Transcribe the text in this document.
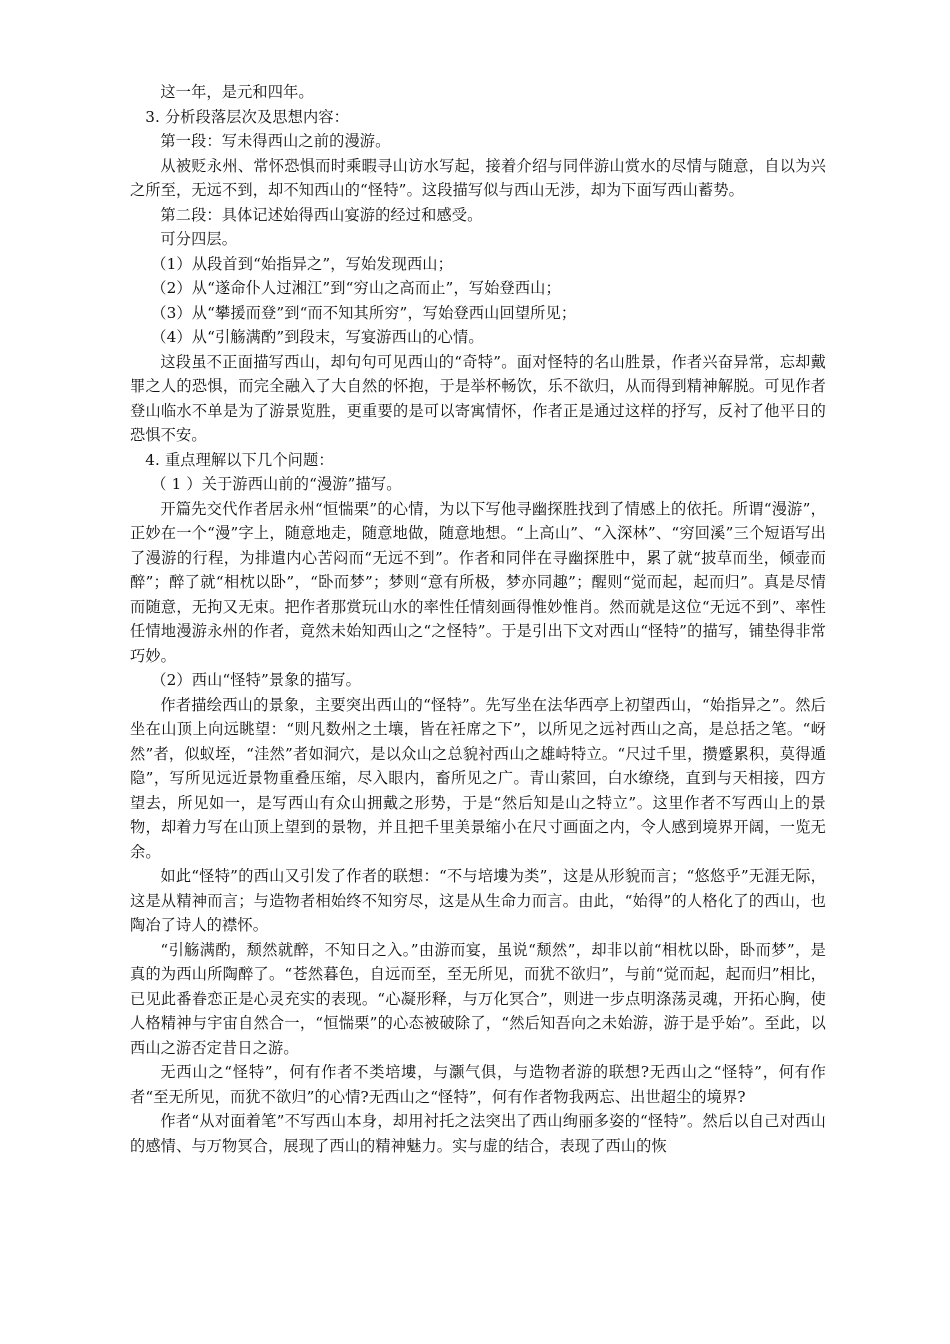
这一年，是元和四年。

3. 分析段落层次及思想内容：

第一段：写未得西山之前的漫游。

从被贬永州、常怀恐惧而时乘暇寻山访水写起，接着介绍与同伴游山赏水的尽情与随意，自以为兴之所至，无远不到，却不知西山的“怪特”。这段描写似与西山无涉，却为下面写西山蓄势。

第二段：具体记述始得西山宴游的经过和感受。

可分四层。

（1）从段首到“始指异之”，写始发现西山；

（2）从“遂命仆人过湘江”到“穷山之高而止”，写始登西山；

（3）从“攀援而登”到“而不知其所穷”，写始登西山回望所见；

（4）从“引觞满酌”到段末，写宴游西山的心情。

这段虽不正面描写西山，却句句可见西山的“奇特”。面对怪特的名山胜景，作者兴奋异常，忘却戴罪之人的恐惧，而完全融入了大自然的怀抱，于是举杯畅饮，乐不欲归，从而得到精神解脱。可见作者登山临水不单是为了游景览胜，更重要的是可以寄寓情怀，作者正是通过这样的抒写，反衬了他平日的恐惧不安。

4. 重点理解以下几个问题：

（ 1 ）关于游西山前的“漫游”描写。

开篇先交代作者居永州“恒惴栗”的心情，为以下写他寻幽探胜找到了情感上的依托。所谓“漫游”，正妙在一个“漫”字上，随意地走，随意地做，随意地想。“上高山”、“入深林”、“穷回溪”三个短语写出了漫游的行程，为排遣内心苦闷而“无远不到”。作者和同伴在寻幽探胜中，累了就“披草而坐，倾壶而醉”；醉了就“相枕以卧”，“卧而梦”；梦则“意有所极，梦亦同趣”；醒则“觉而起，起而归”。真是尽情而随意，无拘又无束。把作者那赏玩山水的率性任情刻画得惟妙惟肖。然而就是这位“无远不到”、率性任情地漫游永州的作者，竟然未始知西山之“之怪特”。于是引出下文对西山“怪特”的描写，铺垫得非常巧妙。

（2）西山“怪特”景象的描写。

作者描绘西山的景象，主要突出西山的“怪特”。先写坐在法华西亭上初望西山，“始指异之”。然后坐在山顶上向远眺望：“则凡数州之土壤，皆在衽席之下”，以所见之远衬西山之高，是总括之笔。“岈然”者，似蚁垤，“洼然”者如洞穴，是以众山之总貌衬西山之雄峙特立。“尺过千里，攒蹙累积，莫得遁隐”，写所见远近景物重叠压缩，尽入眼内，畜所见之广。青山萦回，白水缭绕，直到与天相接，四方望去，所见如一，是写西山有众山拥戴之形势，于是“然后知是山之特立”。这里作者不写西山上的景物，却着力写在山顶上望到的景物，并且把千里美景缩小在尺寸画面之内，令人感到境界开阔，一览无余。

如此“怪特”的西山又引发了作者的联想：“不与培塿为类”，这是从形貌而言；“悠悠乎”无涯无际，这是从精神而言；与造物者相始终不知穷尽，这是从生命力而言。由此，“始得”的人格化了的西山，也陶冶了诗人的襟怀。

“引觞满酌，颓然就醉，不知日之入。”由游而宴，虽说“颓然”，却非以前“相枕以卧，卧而梦”，是真的为西山所陶醉了。“苍然暮色，自远而至，至无所见，而犹不欲归”，与前“觉而起，起而归”相比，已见此番眷恋正是心灵充实的表现。“心凝形释，与万化冥合”，则进一步点明涤荡灵魂，开拓心胸，使人格精神与宇宙自然合一，“恒惴栗”的心态被破除了，“然后知吾向之未始游，游于是乎始”。至此，以西山之游否定昔日之游。

无西山之“怪特”，何有作者不类培塿，与灏气俱，与造物者游的联想?无西山之“怪特”，何有作者“至无所见，而犹不欲归”的心情?无西山之“怪特”，何有作者物我两忘、出世超尘的境界?

作者“从对面着笔”不写西山本身，却用衬托之法突出了西山绚丽多姿的“怪特”。然后以自己对西山的感情、与万物冥合，展现了西山的精神魅力。实与虚的结合，表现了西山的恢
